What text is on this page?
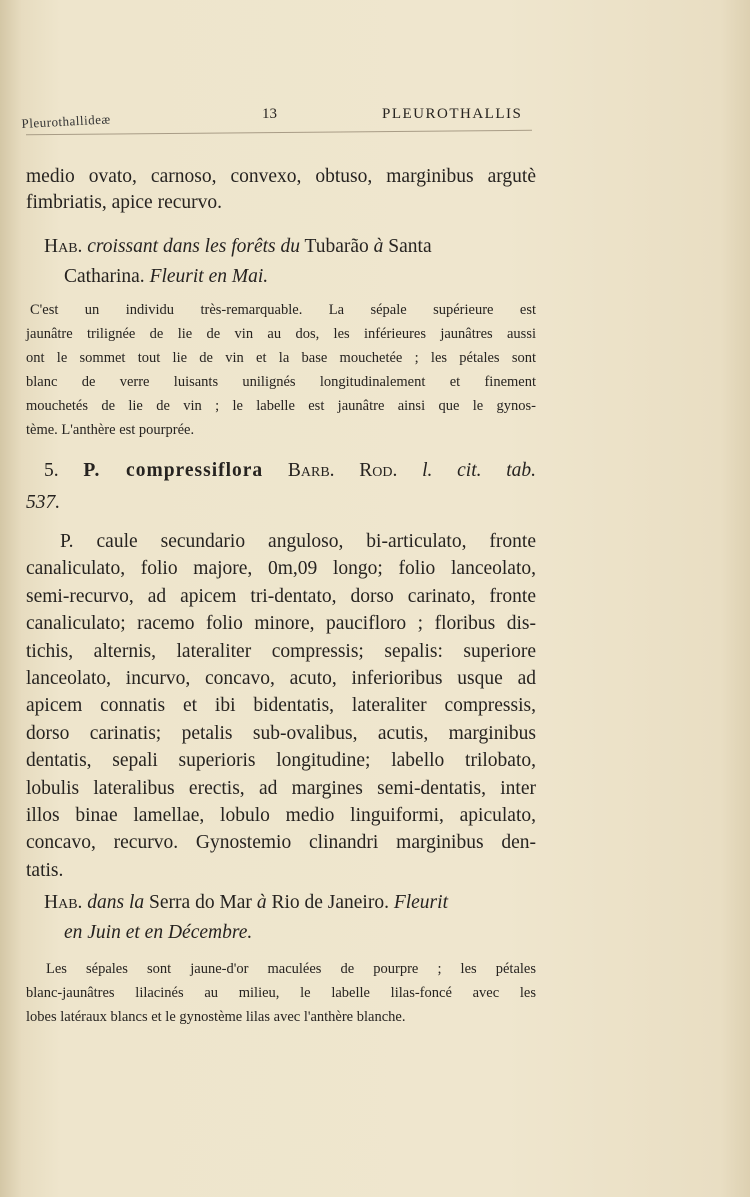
Pleurothallideæ	13	PLEUROTHALLIS
medio ovato, carnoso, convexo, obtuso, marginibus argutè
fimbriatis, apice recurvo.
Hab. croissant dans les forêts du Tubarão à Santa
Catharina. Fleurit en Mai.
C'est un individu très-remarquable. La sépale supérieure est
jaunâtre trilignée de lie de vin au dos, les inférieures jaunâtres aussi
ont le sommet tout lie de vin et la base mouchetée ; les pétales sont
blanc de verre luisants unilignés longitudinalement et finement
mouchetés de lie de vin ; le labelle est jaunâtre ainsi que le gynos-
tème. L'anthère est pourprée.
5. P. compressiflora Barb. Rod. l. cit. tab.
537.
P. caule secundario anguloso, bi-articulato, fronte
canaliculato, folio majore, 0m,09 longo; folio lanceolato,
semi-recurvo, ad apicem tri-dentato, dorso carinato, fronte
canaliculato; racemo folio minore, paucifloro ; floribus dis-
tichis, alternis, lateraliter compressis; sepalis: superiore
lanceolato, incurvo, concavo, acuto, inferioribus usque ad
apicem connatis et ibi bidentatis, lateraliter compressis,
dorso carinatis; petalis sub-ovalibus, acutis, marginibus
dentatis, sepali superioris longitudine; labello trilobato,
lobulis lateralibus erectis, ad margines semi-dentatis, inter
illos binae lamellae, lobulo medio linguiformi, apiculato,
concavo, recurvo. Gynostemio clinandri marginibus den-
tatis.
Hab. dans la Serra do Mar à Rio de Janeiro. Fleurit
en Juin et en Décembre.
Les sépales sont jaune-d'or maculées de pourpre ; les pétales
blanc-jaunâtres lilacinés au milieu, le labelle lilas-foncé avec les
lobes latéraux blancs et le gynostème lilas avec l'anthère blanche.
